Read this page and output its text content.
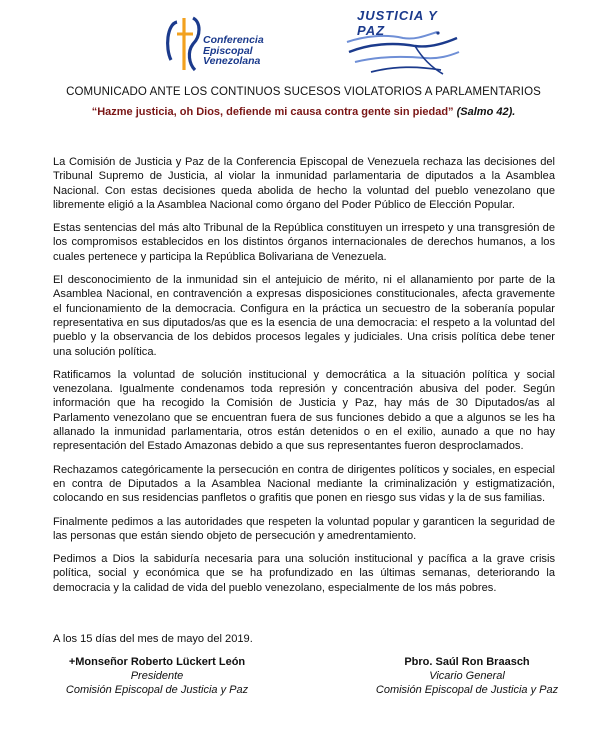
Conferencia
Episcopal
Venezolana
JUSTICIA Y PAZ
COMUNICADO ANTE LOS CONTINUOS SUCESOS VIOLATORIOS A PARLAMENTARIOS
“Hazme justicia, oh Dios, defiende mi causa contra gente sin piedad” (Salmo 42).

La Comisión de Justicia y Paz de la Conferencia Episcopal de Venezuela rechaza las decisiones del Tribunal Supremo de Justicia, al violar la inmunidad parlamentaria de diputados a la Asamblea Nacional. Con estas decisiones queda abolida de hecho la voluntad del pueblo venezolano que libremente eligió a la Asamblea Nacional como órgano del Poder Público de Elección Popular.

Estas sentencias del más alto Tribunal de la República constituyen un irrespeto y una transgresión de los compromisos establecidos en los distintos órganos internacionales de derechos humanos, a los cuales pertenece y participa la República Bolivariana de Venezuela.

El desconocimiento de la inmunidad sin el antejuicio de mérito, ni el allanamiento por parte de la Asamblea Nacional, en contravención a expresas disposiciones constitucionales, afecta gravemente el funcionamiento de la democracia. Configura en la práctica un secuestro de la soberanía popular representativa en sus diputados/as que es la esencia de una democracia: el respeto a la voluntad del pueblo y la observancia de los debidos procesos legales y judiciales. Una crisis política debe tener una solución política.

Ratificamos la voluntad de solución institucional y democrática a la situación política y social venezolana. Igualmente condenamos toda represión y concentración abusiva del poder. Según información que ha recogido la Comisión de Justicia y Paz, hay más de 30 Diputados/as al Parlamento venezolano que se encuentran fuera de sus funciones debido a que a algunos se les ha allanado la inmunidad parlamentaria, otros están detenidos o en el exilio, aunado a que no hay representación del Estado Amazonas debido a que sus representantes fueron desproclamados.

Rechazamos categóricamente la persecución en contra de dirigentes políticos y sociales, en especial en contra de Diputados a la Asamblea Nacional mediante la criminalización y estigmatización, colocando en sus residencias panfletos o grafitis que ponen en riesgo sus vidas y la de sus familias.

Finalmente pedimos a las autoridades que respeten la voluntad popular y garanticen la seguridad de las personas que están siendo objeto de persecución y amedrentamiento.

Pedimos a Dios la sabiduría necesaria para una solución institucional y pacífica a la grave crisis política, social y económica que se ha profundizado en las últimas semanas, deteriorando la democracia y la calidad de vida del pueblo venezolano, especialmente de los más pobres.

A los 15 días del mes de mayo del 2019.
+Monseñor Roberto Lückert León
Presidente
Comisión Episcopal de Justicia y Paz
Pbro. Saúl Ron Braasch
Vicario General
Comisión Episcopal de Justicia y Paz
